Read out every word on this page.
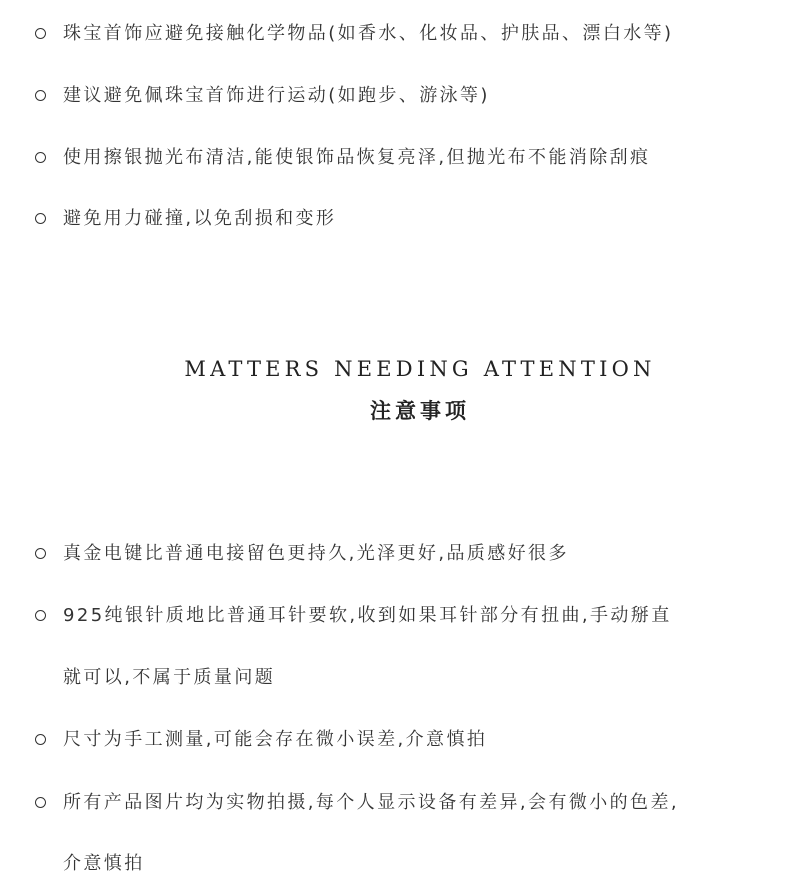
珠宝首饰应避免接触化学物品(如香水、化妆品、护肤品、漂白水等)
建议避免佩珠宝首饰进行运动(如跑步、游泳等)
使用擦银抛光布清洁,能使银饰品恢复亮泽,但抛光布不能消除刮痕
避免用力碰撞,以免刮损和变形
MATTERS NEEDING ATTENTION
注意事项
真金电键比普通电接留色更持久,光泽更好,品质感好很多
925纯银针质地比普通耳针要软,收到如果耳针部分有扭曲,手动掰直
就可以,不属于质量问题
尺寸为手工测量,可能会存在微小误差,介意慎拍
所有产品图片均为实物拍摄,每个人显示设备有差异,会有微小的色差,
介意慎拍
